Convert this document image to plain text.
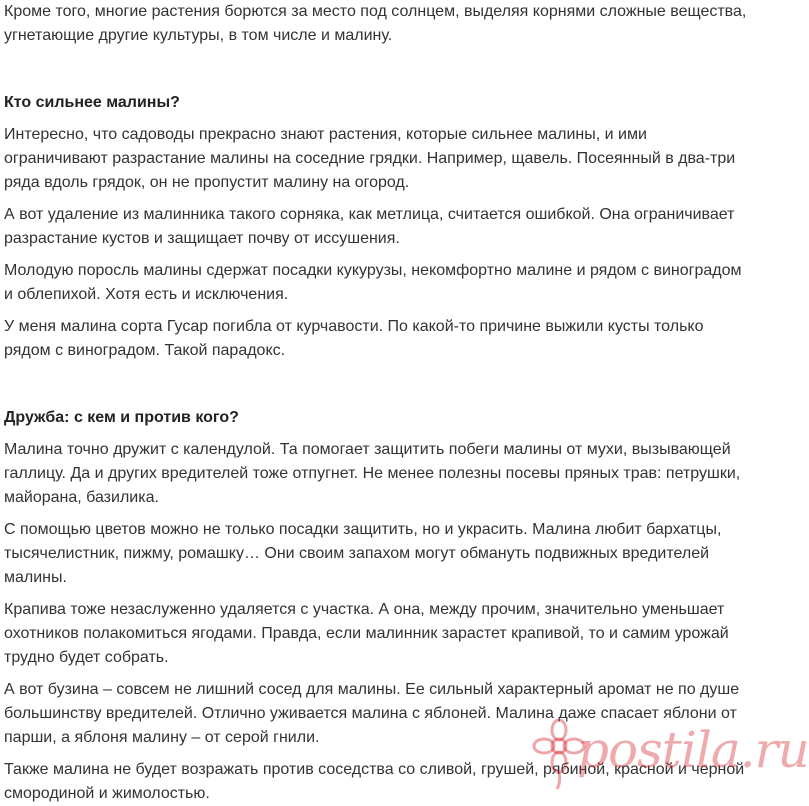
Кроме того, многие растения борются за место под солнцем, выделяя корнями сложные вещества, угнетающие другие культуры, в том числе и малину.

Кто сильнее малины?

Интересно, что садоводы прекрасно знают растения, которые сильнее малины, и ими ограничивают разрастание малины на соседние грядки. Например, щавель. Посеянный в два-три ряда вдоль грядок, он не пропустит малину на огород.

А вот удаление из малинника такого сорняка, как метлица, считается ошибкой. Она ограничивает разрастание кустов и защищает почву от иссушения.

Молодую поросль малины сдержат посадки кукурузы, некомфортно малине и рядом с виноградом и облепихой. Хотя есть и исключения.

У меня малина сорта Гусар погибла от курчавости. По какой-то причине выжили кусты только рядом с виноградом. Такой парадокс.

Дружба: с кем и против кого?

Малина точно дружит с календулой. Та помогает защитить побеги малины от мухи, вызывающей галлицу. Да и других вредителей тоже отпугнет. Не менее полезны посевы пряных трав: петрушки, майорана, базилика.

С помощью цветов можно не только посадки защитить, но и украсить. Малина любит бархатцы, тысячелистник, пижму, ромашку… Они своим запахом могут обмануть подвижных вредителей малины.

Крапива тоже незаслуженно удаляется с участка. А она, между прочим, значительно уменьшает охотников полакомиться ягодами. Правда, если малинник зарастет крапивой, то и самим урожай трудно будет собрать.

А вот бузина – совсем не лишний сосед для малины. Ее сильный характерный аромат не по душе большинству вредителей. Отлично уживается малина с яблоней. Малина даже спасает яблони от парши, а яблоня малину – от серой гнили.

Также малина не будет возражать против соседства со сливой, грушей, рябиной, красной и черной смородиной и жимолостью.

postila.ru
